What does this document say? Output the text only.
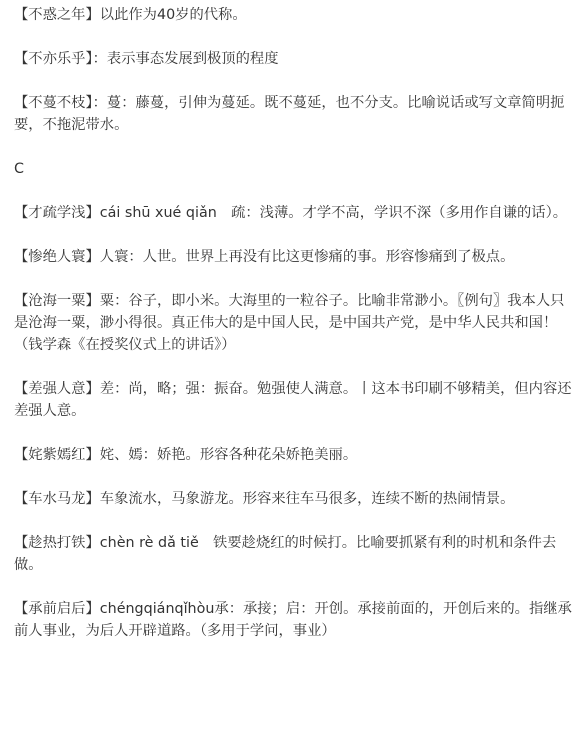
【不惑之年】以此作为40岁的代称。

【不亦乐乎】：表示事态发展到极顶的程度

【不蔓不枝】：蔓：藤蔓，引伸为蔓延。既不蔓延，也不分支。比喻说话或写文章简明扼要，不拖泥带水。

C

【才疏学浅】cái shū xué qiǎn　疏：浅薄。才学不高，学识不深（多用作自谦的话）。

【惨绝人寰】人寰：人世。世界上再没有比这更惨痛的事。形容惨痛到了极点。

【沧海一粟】粟：谷子，即小米。大海里的一粒谷子。比喻非常渺小。〖例句〗我本人只是沧海一粟，渺小得很。真正伟大的是中国人民，是中国共产党，是中华人民共和国！（钱学森《在授奖仪式上的讲话》）

【差强人意】差：尚，略；强：振奋。勉强使人满意。丨这本书印刷不够精美，但内容还差强人意。

【姹紫嫣红】姹、嫣：娇艳。形容各种花朵娇艳美丽。

【车水马龙】车象流水，马象游龙。形容来往车马很多，连续不断的热闹情景。

【趁热打铁】chèn rè dǎ tiě　铁要趁烧红的时候打。比喻要抓紧有利的时机和条件去做。

【承前启后】chéngqiánqǐhòu承：承接；启：开创。承接前面的，开创后来的。指继承前人事业，为后人开辟道路。（多用于学问，事业）
